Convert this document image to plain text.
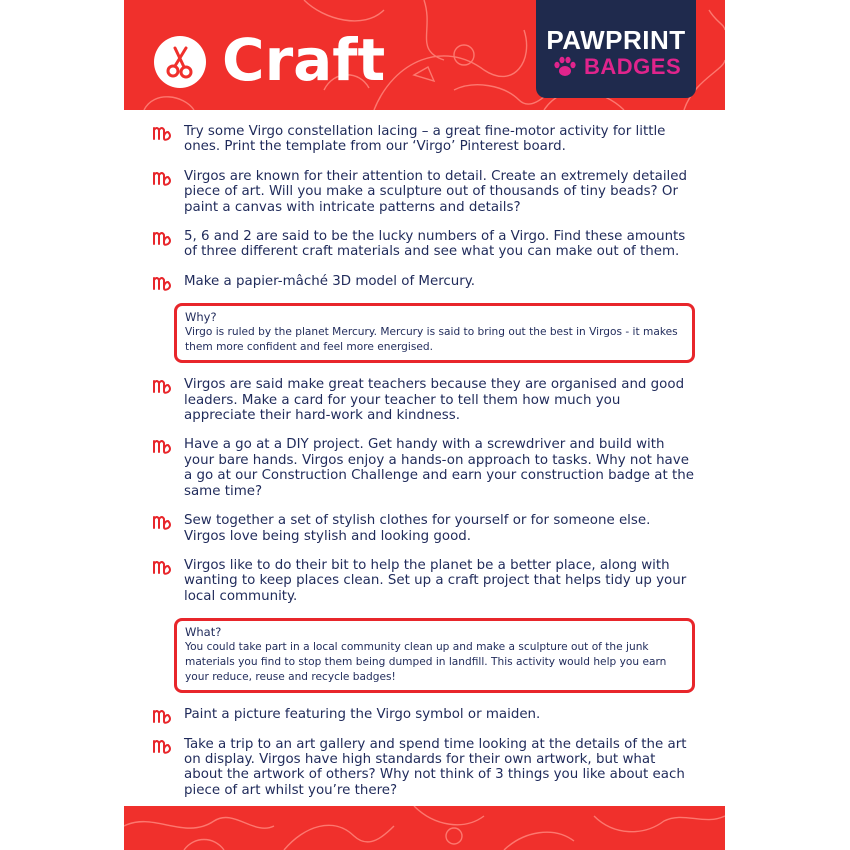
Craft	PAWPRINT
BADGES
Try some Virgo constellation lacing – a great fine-motor activity for little ones. Print the template from our ‘Virgo’ Pinterest board.
Virgos are known for their attention to detail. Create an extremely detailed piece of art. Will you make a sculpture out of thousands of tiny beads? Or paint a canvas with intricate patterns and details?
5, 6 and 2 are said to be the lucky numbers of a Virgo. Find these amounts of three different craft materials and see what you can make out of them.
Make a papier-mâché 3D model of Mercury.
Why?
Virgo is ruled by the planet Mercury. Mercury is said to bring out the best in Virgos - it makes them more confident and feel more energised.
Virgos are said make great teachers because they are organised and good leaders. Make a card for your teacher to tell them how much you appreciate their hard-work and kindness.
Have a go at a DIY project. Get handy with a screwdriver and build with your bare hands. Virgos enjoy a hands-on approach to tasks. Why not have a go at our Construction Challenge and earn your construction badge at the same time?
Sew together a set of stylish clothes for yourself or for someone else. Virgos love being stylish and looking good.
Virgos like to do their bit to help the planet be a better place, along with wanting to keep places clean. Set up a craft project that helps tidy up your local community.
What?
You could take part in a local community clean up and make a sculpture out of the junk materials you find to stop them being dumped in landfill. This activity would help you earn your reduce, reuse and recycle badges!
Paint a picture featuring the Virgo symbol or maiden.
Take a trip to an art gallery and spend time looking at the details of the art on display. Virgos have high standards for their own artwork, but what about the artwork of others? Why not think of 3 things you like about each piece of art whilst you’re there?
